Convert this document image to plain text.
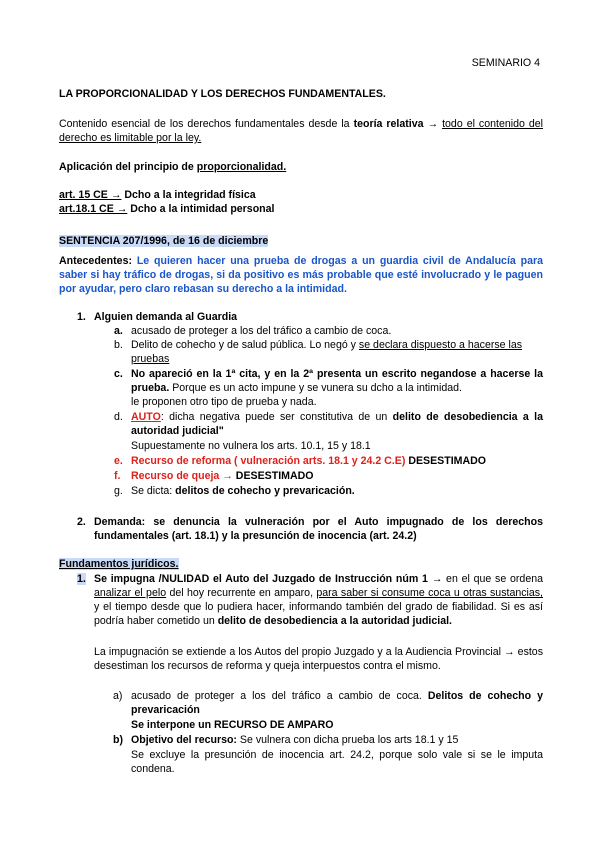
SEMINARIO 4
LA PROPORCIONALIDAD Y LOS DERECHOS FUNDAMENTALES.
Contenido esencial de los derechos fundamentales desde la teoría relativa → todo el contenido del derecho es limitable por la ley.
Aplicación del principio de proporcionalidad.
art. 15 CE → Dcho a la integridad física
art.18.1 CE → Dcho a la intimidad personal
SENTENCIA 207/1996, de 16 de diciembre
Antecedentes: Le quieren hacer una prueba de drogas a un guardia civil de Andalucía para saber si hay tráfico de drogas, si da positivo es más probable que esté involucrado y le paguen por ayudar, pero claro rebasan su derecho a la intimidad.
1. Alguien demanda al Guardia
a. acusado de proteger a los del tráfico a cambio de coca.
b. Delito de cohecho y de salud pública. Lo negó y se declara dispuesto a hacerse las pruebas
c. No apareció en la 1ª cita, y en la 2ª presenta un escrito negandose a hacerse la prueba. Porque es un acto impune y se vunera su dcho a la intimidad.
le proponen otro tipo de prueba y nada.
d. AUTO: dicha negativa puede ser constitutiva de un delito de desobediencia a la autoridad judicial"
Supuestamente no vulnera los arts. 10.1, 15 y 18.1
e. Recurso de reforma ( vulneración arts. 18.1 y 24.2 C.E) DESESTIMADO
f. Recurso de queja → DESESTIMADO
g. Se dicta: delitos de cohecho y prevaricación.
2. Demanda: se denuncia la vulneración por el Auto impugnado de los derechos fundamentales (art. 18.1) y la presunción de inocencia (art. 24.2)
Fundamentos jurídicos.
1. Se impugna /NULIDAD el Auto del Juzgado de Instrucción núm 1 → en el que se ordena analizar el pelo del hoy recurrente en amparo, para saber si consume coca u otras sustancias, y el tiempo desde que lo pudiera hacer, informando también del grado de fiabilidad. Si es así podría haber cometido un delito de desobediencia a la autoridad judicial.
La impugnación se extiende a los Autos del propio Juzgado y a la Audiencia Provincial → estos desestiman los recursos de reforma y queja interpuestos contra el mismo.
a) acusado de proteger a los del tráfico a cambio de coca. Delitos de cohecho y prevaricación
Se interpone un RECURSO DE AMPARO
b) Objetivo del recurso: Se vulnera con dicha prueba los arts 18.1 y 15
Se excluye la presunción de inocencia art. 24.2, porque solo vale si se le imputa condena.
